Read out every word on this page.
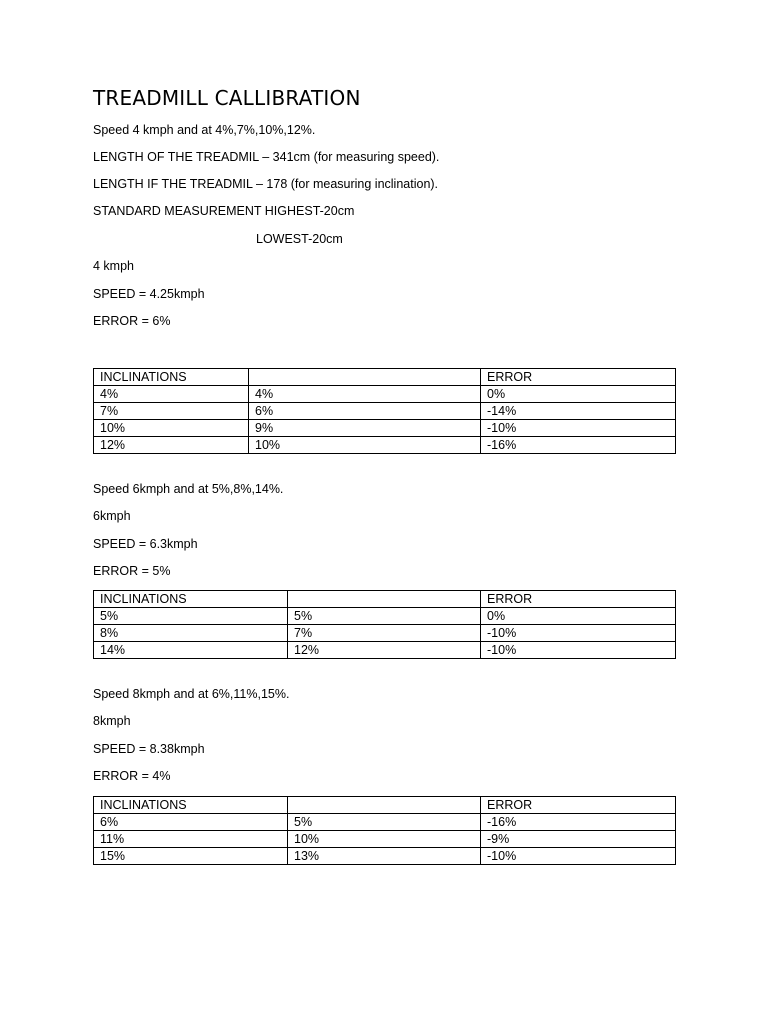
TREADMILL CALLIBRATION
Speed 4 kmph and at 4%,7%,10%,12%.
LENGTH OF THE TREADMIL – 341cm (for measuring speed).
LENGTH IF THE TREADMIL – 178 (for measuring inclination).
STANDARD MEASUREMENT HIGHEST-20cm
LOWEST-20cm
4 kmph
SPEED = 4.25kmph
ERROR = 6%
INCLINATIONS		ERROR
4%	4%	0%
7%	6%	-14%
10%	9%	-10%
12%	10%	-16%
Speed 6kmph and at 5%,8%,14%.
6kmph
SPEED = 6.3kmph
ERROR = 5%
INCLINATIONS		ERROR
5%	5%	0%
8%	7%	-10%
14%	12%	-10%
Speed 8kmph and at 6%,11%,15%.
8kmph
SPEED = 8.38kmph
ERROR = 4%
INCLINATIONS		ERROR
6%	5%	-16%
11%	10%	-9%
15%	13%	-10%
